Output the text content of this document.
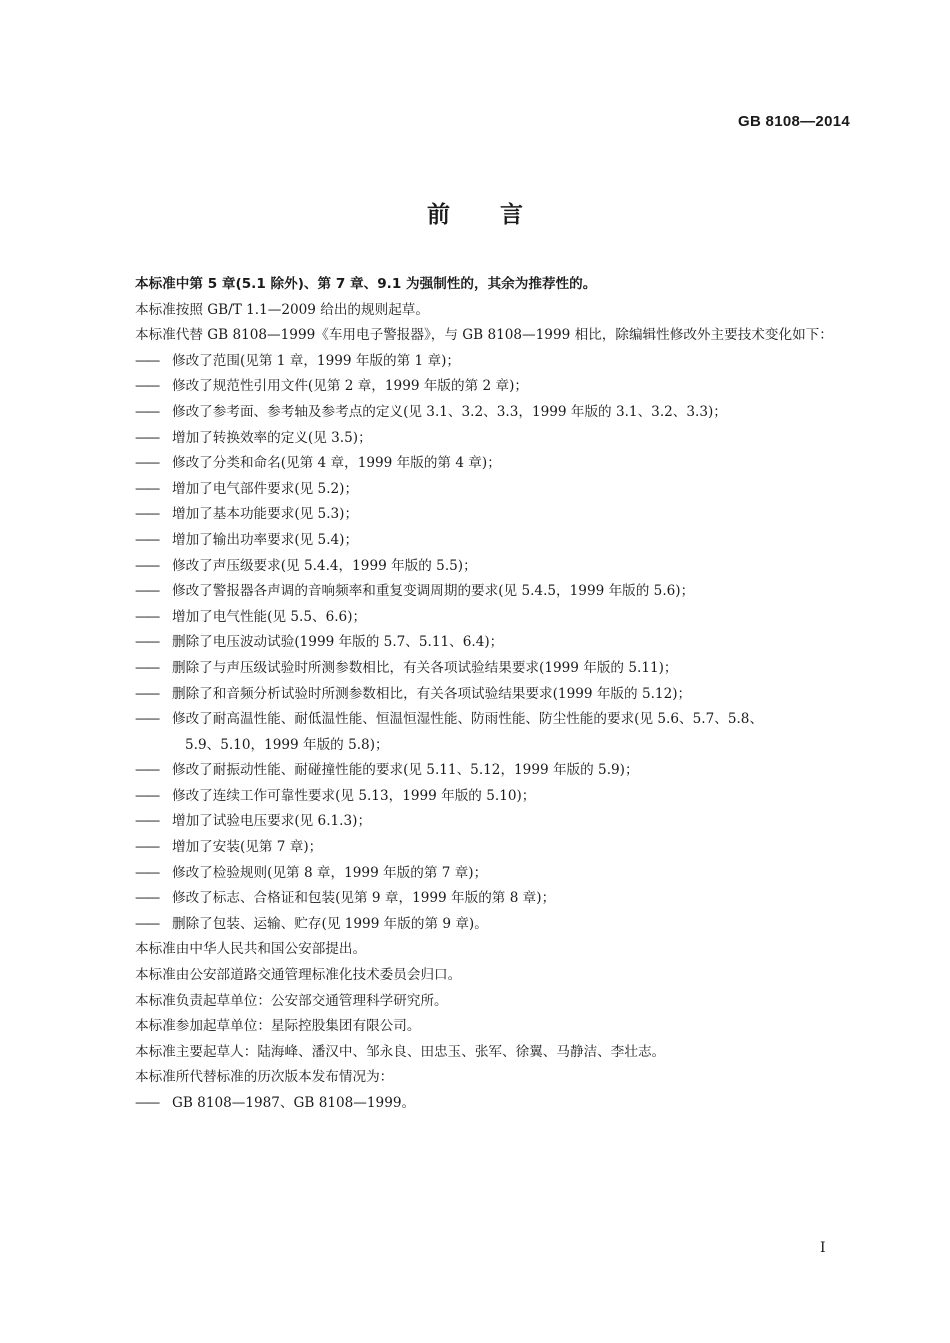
GB 8108—2014
前言
本标准中第 5 章(5.1 除外)、第 7 章、9.1 为强制性的，其余为推荐性的。
本标准按照 GB/T 1.1—2009 给出的规则起草。
本标准代替 GB 8108—1999《车用电子警报器》，与 GB 8108—1999 相比，除编辑性修改外主要技术变化如下：
—— 修改了范围(见第 1 章，1999 年版的第 1 章)；
—— 修改了规范性引用文件(见第 2 章，1999 年版的第 2 章)；
—— 修改了参考面、参考轴及参考点的定义(见 3.1、3.2、3.3，1999 年版的 3.1、3.2、3.3)；
—— 增加了转换效率的定义(见 3.5)；
—— 修改了分类和命名(见第 4 章，1999 年版的第 4 章)；
—— 增加了电气部件要求(见 5.2)；
—— 增加了基本功能要求(见 5.3)；
—— 增加了输出功率要求(见 5.4)；
—— 修改了声压级要求(见 5.4.4，1999 年版的 5.5)；
—— 修改了警报器各声调的音响频率和重复变调周期的要求(见 5.4.5，1999 年版的 5.6)；
—— 增加了电气性能(见 5.5、6.6)；
—— 删除了电压波动试验(1999 年版的 5.7、5.11、6.4)；
—— 删除了与声压级试验时所测参数相比，有关各项试验结果要求(1999 年版的 5.11)；
—— 删除了和音频分析试验时所测参数相比，有关各项试验结果要求(1999 年版的 5.12)；
—— 修改了耐高温性能、耐低温性能、恒温恒湿性能、防雨性能、防尘性能的要求(见 5.6、5.7、5.8、
5.9、5.10，1999 年版的 5.8)；
—— 修改了耐振动性能、耐碰撞性能的要求(见 5.11、5.12，1999 年版的 5.9)；
—— 修改了连续工作可靠性要求(见 5.13，1999 年版的 5.10)；
—— 增加了试验电压要求(见 6.1.3)；
—— 增加了安装(见第 7 章)；
—— 修改了检验规则(见第 8 章，1999 年版的第 7 章)；
—— 修改了标志、合格证和包装(见第 9 章，1999 年版的第 8 章)；
—— 删除了包装、运输、贮存(见 1999 年版的第 9 章)。
本标准由中华人民共和国公安部提出。
本标准由公安部道路交通管理标准化技术委员会归口。
本标准负责起草单位：公安部交通管理科学研究所。
本标准参加起草单位：星际控股集团有限公司。
本标准主要起草人：陆海峰、潘汉中、邹永良、田忠玉、张军、徐翼、马静洁、李壮志。
本标准所代替标准的历次版本发布情况为：
—— GB 8108—1987、GB 8108—1999。
I
